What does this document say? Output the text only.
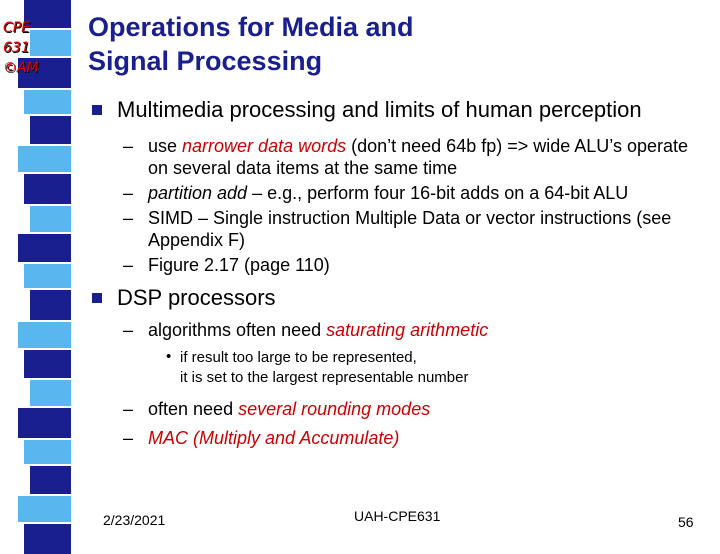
CPE
631
©AM
Operations for Media and
Signal Processing
Multimedia processing and limits of human perception
– use narrower data words (don’t need 64b fp) => wide ALU’s operate on several data items at the same time
– partition add – e.g., perform four 16-bit adds on a 64-bit ALU
– SIMD – Single instruction Multiple Data or vector instructions (see Appendix F)
– Figure 2.17 (page 110)
DSP processors
– algorithms often need saturating arithmetic
• if result too large to be represented,
it is set to the largest representable number
– often need several rounding modes
– MAC (Multiply and Accumulate)
2/23/2021	UAH-CPE631	56
